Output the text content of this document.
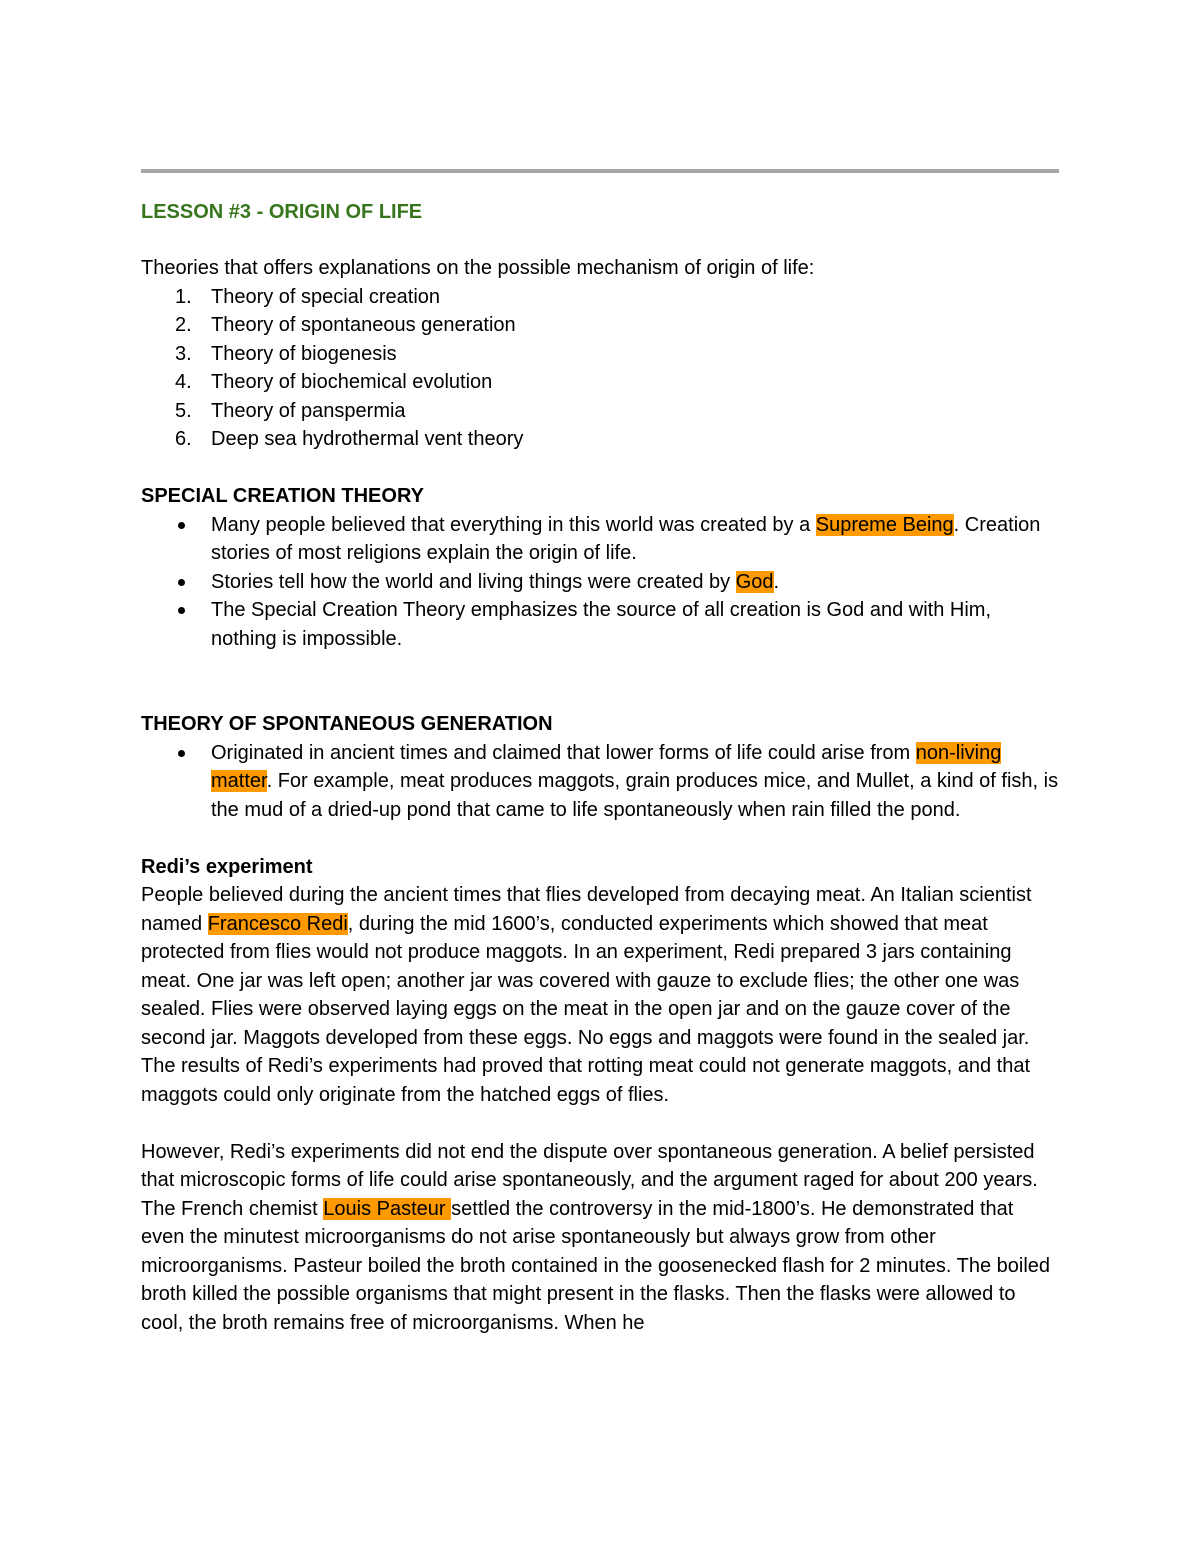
LESSON #3 - ORIGIN OF LIFE

Theories that offers explanations on the possible mechanism of origin of life:

1. Theory of special creation
2. Theory of spontaneous generation
3. Theory of biogenesis
4. Theory of biochemical evolution
5. Theory of panspermia
6. Deep sea hydrothermal vent theory

SPECIAL CREATION THEORY

Many people believed that everything in this world was created by a Supreme Being. Creation stories of most religions explain the origin of life.
Stories tell how the world and living things were created by God.
The Special Creation Theory emphasizes the source of all creation is God and with Him, nothing is impossible.

THEORY OF SPONTANEOUS GENERATION

Originated in ancient times and claimed that lower forms of life could arise from non-living matter. For example, meat produces maggots, grain produces mice, and Mullet, a kind of fish, is the mud of a dried-up pond that came to life spontaneously when rain filled the pond.

Redi’s experiment

People believed during the ancient times that flies developed from decaying meat. An Italian scientist named Francesco Redi, during the mid 1600’s, conducted experiments which showed that meat protected from flies would not produce maggots. In an experiment, Redi prepared 3 jars containing meat. One jar was left open; another jar was covered with gauze to exclude flies; the other one was sealed. Flies were observed laying eggs on the meat in the open jar and on the gauze cover of the second jar. Maggots developed from these eggs. No eggs and maggots were found in the sealed jar. The results of Redi’s experiments had proved that rotting meat could not generate maggots, and that maggots could only originate from the hatched eggs of flies.

However, Redi’s experiments did not end the dispute over spontaneous generation. A belief persisted that microscopic forms of life could arise spontaneously, and the argument raged for about 200 years. The French chemist Louis Pasteur settled the controversy in the mid-1800’s. He demonstrated that even the minutest microorganisms do not arise spontaneously but always grow from other microorganisms. Pasteur boiled the broth contained in the goosenecked flash for 2 minutes. The boiled broth killed the possible organisms that might present in the flasks. Then the flasks were allowed to cool, the broth remains free of microorganisms. When he
